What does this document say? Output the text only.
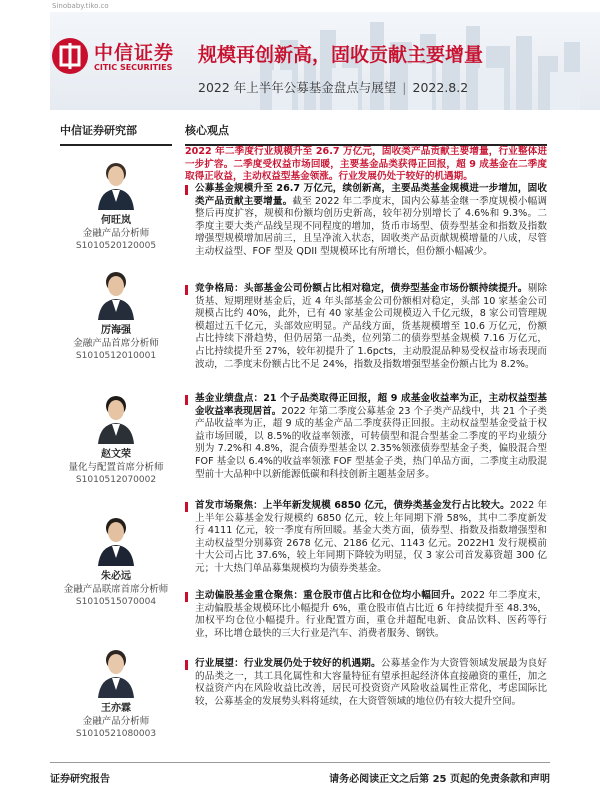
Sinobaby.tiko.co
中信证券
CITIC SECURITIES
规模再创新高，固收贡献主要增量
2022 年上半年公募基金盘点与展望 | 2022.8.2
中信证券研究部	核心观点
何旺岚
金融产品分析师
S1010520120005
厉海强
金融产品首席分析师
S1010512010001
赵文荣
量化与配置首席分析师
S1010512070002
朱必远
金融产品联席首席分析师
S1010515070004
王亦霖
金融产品分析师
S1010521080003
2022 年二季度行业规模升至 26.7 万亿元，固收类产品贡献主要增量，行业整体进一步扩容。二季度受权益市场回暖，主要基金品类获得正回报，超 9 成基金在二季度取得正收益，主动权益型基金领涨。行业发展仍处于较好的机遇期。
公募基金规模升至 26.7 万亿元，续创新高，主要品类基金规模进一步增加，固收类产品贡献主要增量。截至 2022 年二季度末，国内公募基金继一季度规模小幅调整后再度扩容，规模和份额均创历史新高，较年初分别增长了 4.6%和 9.3%。二季度主要大类产品线呈现不同程度的增加，货币市场型、债券型基金和指数及指数增强型规模增加居前三，且呈净流入状态，固收类产品贡献规模增量的八成，尽管主动权益型、FOF 型及 QDII 型规模环比有所增长，但份额小幅减少。
竞争格局：头部基金公司份额占比相对稳定，债券型基金市场份额持续提升。剔除货基、短期理财基金后，近 4 年头部基金公司份额相对稳定，头部 10 家基金公司规模占比约 40%，此外，已有 40 家基金公司规模迈入千亿元级，8 家公司管理规模超过五千亿元，头部效应明显。产品线方面，货基规模增至 10.6 万亿元，份额占比持续下滑趋势，但仍居第一品类，位列第二的债券型基金规模 7.16 万亿元，占比持续提升至 27%，较年初提升了 1.6pcts，主动股混品种易受权益市场表现而波动，二季度末份额占比不足 24%，指数及指数增强型基金份额占比为 8.2%。
基金业绩盘点：21 个子品类取得正回报，超 9 成基金收益率为正，主动权益型基金收益率表现居首。2022 年第二季度公募基金 23 个子类产品线中，共 21 个子类产品收益率为正，超 9 成的基金产品二季度获得正回报。主动权益型基金受益于权益市场回暖，以 8.5%的收益率领涨，可转债型和混合型基金二季度的平均业绩分别为 7.2%和 4.8%，混合债券型基金以 2.35%领涨债券型基金子类，偏股混合型 FOF 基金以 6.4%的收益率领涨 FOF 型基金子类，热门单品方面，二季度主动股混型前十大品种中以新能源低碳和科技创新主题基金居多。
首发市场聚焦：上半年新发规模 6850 亿元，债券类基金发行占比较大。2022 年上半年公募基金发行规模约 6850 亿元，较上年同期下滑 58%，其中二季度新发行 4111 亿元，较一季度有所回暖。基金大类方面，债券型、指数及指数增强型和主动权益型分别募资 2678 亿元、2186 亿元、1143 亿元。2022H1 发行规模前十大公司占比 37.6%，较上年同期下降较为明显，仅 3 家公司首发募资超 300 亿元；十大热门单品募集规模均为债券类基金。
主动偏股基金重仓聚焦：重仓股市值占比和仓位均小幅回升。2022 年二季度末，主动偏股基金规模环比小幅提升 6%，重仓股市值占比近 6 年持续提升至 48.3%，加权平均仓位小幅提升。行业配置方面，重仓并超配电新、食品饮料、医药等行业，环比增仓最快的三大行业是汽车、消费者服务、钢铁。
行业展望：行业发展仍处于较好的机遇期。公募基金作为大资管领域发展最为良好的品类之一，其工具化属性和大容量特征有望承担起经济体直接融资的重任，加之权益资产内在风险收益比改善，居民可投资资产风险收益属性正常化，考虑国际比较，公募基金的发展势头料将延续，在大资管领域的地位仍有较大提升空间。
证券研究报告	请务必阅读正文之后第 25 页起的免责条款和声明
